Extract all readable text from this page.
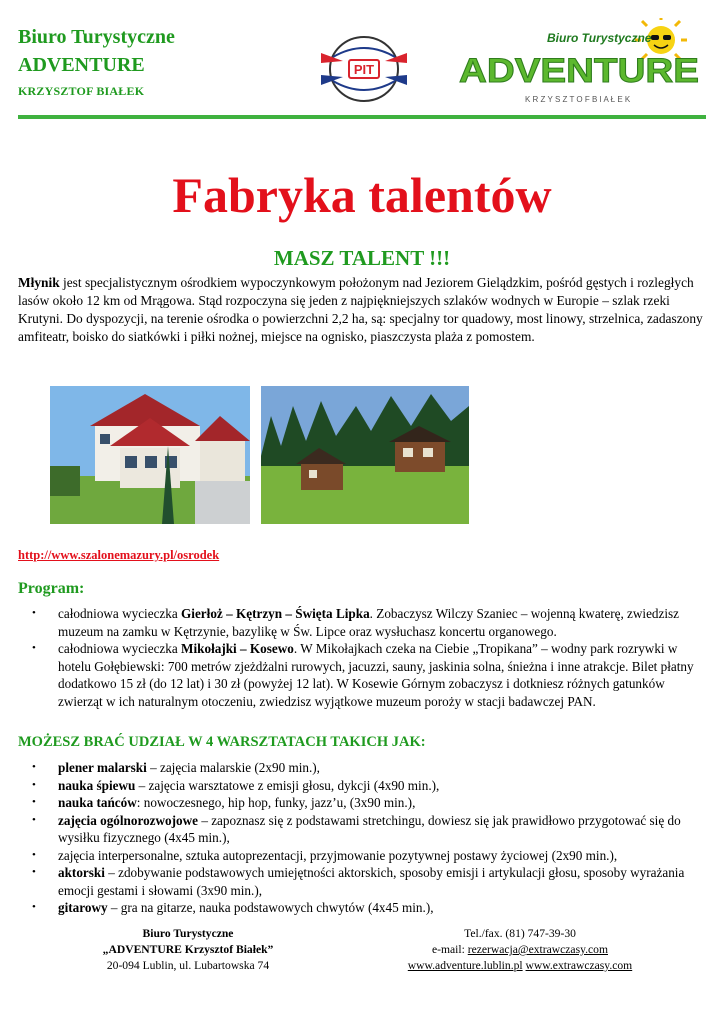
Biuro Turystyczne
ADVENTURE
KRZYSZTOF BIAŁEK
PIT
Biuro Turystyczne
ADVENTURE
K R Z Y S Z T O F B I A Ł E K
Fabryka talentów
MASZ TALENT !!!
Młynik jest specjalistycznym ośrodkiem wypoczynkowym położonym nad Jeziorem Gielądzkim, pośród gęstych i rozległych lasów około 12 km od Mrągowa. Stąd rozpoczyna się jeden z najpiękniejszych szlaków wodnych w Europie – szlak rzeki Krutyni. Do dyspozycji, na terenie ośrodka o powierzchni 2,2 ha, są: specjalny tor quadowy, most linowy, strzelnica, zadaszony amfiteatr, boisko do siatkówki i piłki nożnej, miejsce na ognisko, piaszczysta plaża z pomostem.
http://www.szalonemazury.pl/osrodek
Program:
• całodniowa wycieczka Gierłoż – Kętrzyn – Święta Lipka. Zobaczysz Wilczy Szaniec – wojenną kwaterę, zwiedzisz muzeum na zamku w Kętrzynie, bazylikę w Św. Lipce oraz wysłuchasz koncertu organowego.
• całodniowa wycieczka Mikołajki – Kosewo. W Mikołajkach czeka na Ciebie „Tropikana” – wodny park rozrywki w hotelu Gołębiewski: 700 metrów zjeżdżalni rurowych, jacuzzi, sauny, jaskinia solna, śnieżna i inne atrakcje. Bilet płatny dodatkowo 15 zł (do 12 lat) i 30 zł (powyżej 12 lat). W Kosewie Górnym zobaczysz i dotkniesz różnych gatunków zwierząt w ich naturalnym otoczeniu, zwiedzisz wyjątkowe muzeum poroży w stacji badawczej PAN.
MOŻESZ BRAĆ UDZIAŁ W 4 WARSZTATACH TAKICH JAK:
• plener malarski – zajęcia malarskie (2x90 min.),
• nauka śpiewu – zajęcia warsztatowe z emisji głosu, dykcji (4x90 min.),
• nauka tańców: nowoczesnego, hip hop, funky, jazz’u, (3x90 min.),
• zajęcia ogólnorozwojowe – zapoznasz się z podstawami stretchingu, dowiesz się jak prawidłowo przygotować się do wysiłku fizycznego (4x45 min.),
• zajęcia interpersonalne, sztuka autoprezentacji, przyjmowanie pozytywnej postawy życiowej (2x90 min.),
• aktorski – zdobywanie podstawowych umiejętności aktorskich, sposoby emisji i artykulacji głosu, sposoby wyrażania emocji gestami i słowami (3x90 min.),
• gitarowy – gra na gitarze, nauka podstawowych chwytów (4x45 min.),
Biuro Turystyczne
„ADVENTURE Krzysztof Białek”
20-094 Lublin, ul. Lubartowska 74
Tel./fax. (81) 747-39-30
e-mail: rezerwacja@extrawczasy.com
www.adventure.lublin.pl www.extrawczasy.com
